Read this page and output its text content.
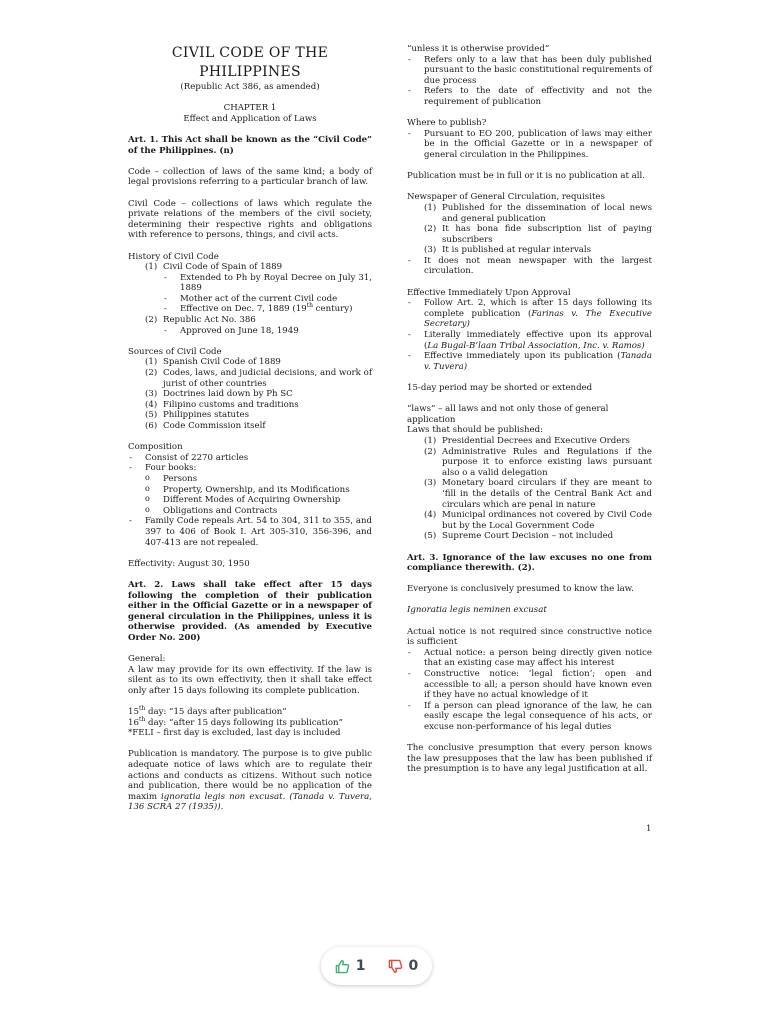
CIVIL CODE OF THE
PHILIPPINES

(Republic Act 386, as amended)

CHAPTER 1

Effect and Application of Laws

Art. 1. This Act shall be known as the “Civil Code” of the Philippines. (n)

Code – collection of laws of the same kind; a body of legal provisions referring to a particular branch of law.

Civil Code – collections of laws which regulate the private relations of the members of the civil society, determining their respective rights and obligations with reference to persons, things, and civil acts.

History of Civil Code

(1) Civil Code of Spain of 1889
- Extended to Ph by Royal Decree on July 31, 1889
- Mother act of the current Civil code
- Effective on Dec. 7, 1889 (19th century)
(2) Republic Act No. 386
- Approved on June 18, 1949

Sources of Civil Code

(1) Spanish Civil Code of 1889
(2) Codes, laws, and judicial decisions, and work of jurist of other countries
(3) Doctrines laid down by Ph SC
(4) Filipino customs and traditions
(5) Philippines statutes
(6) Code Commission itself

Composition

- Consist of 2270 articles
- Four books:
o Persons
o Property, Ownership, and its Modifications
o Different Modes of Acquiring Ownership
o Obligations and Contracts
- Family Code repeals Art. 54 to 304, 311 to 355, and 397 to 406 of Book I. Art 305-310, 356-396, and 407-413 are not repealed.

Effectivity: August 30, 1950

Art. 2. Laws shall take effect after 15 days following the completion of their publication either in the Official Gazette or in a newspaper of general circulation in the Philippines, unless it is otherwise provided. (As amended by Executive Order No. 200)

General:

A law may provide for its own effectivity. If the law is silent as to its own effectivity, then it shall take effect only after 15 days following its complete publication.

15th day: “15 days after publication”

16th day: “after 15 days following its publication”

*FELI – first day is excluded, last day is included

Publication is mandatory. The purpose is to give public adequate notice of laws which are to regulate their actions and conducts as citizens. Without such notice and publication, there would be no application of the maxim ignoratia legis non excusat. (Tanada v. Tuvera, 136 SCRA 27 (1935)).

“unless it is otherwise provided”

- Refers only to a law that has been duly published pursuant to the basic constitutional requirements of due process
- Refers to the date of effectivity and not the requirement of publication

Where to publish?

- Pursuant to EO 200, publication of laws may either be in the Official Gazette or in a newspaper of general circulation in the Philippines.

Publication must be in full or it is no publication at all.

Newspaper of General Circulation, requisites

(1) Published for the dissemination of local news and general publication
(2) It has bona fide subscription list of paying subscribers
(3) It is published at regular intervals
- It does not mean newspaper with the largest circulation.

Effective Immediately Upon Approval

- Follow Art. 2, which is after 15 days following its complete publication (Farinas v. The Executive Secretary)
- Literally immediately effective upon its approval (La Bugal-B’laan Tribal Association, Inc. v. Ramos)
- Effective immediately upon its publication (Tanada v. Tuvera)

15-day period may be shorted or extended

“laws” – all laws and not only those of general application

Laws that should be published:

(1) Presidential Decrees and Executive Orders
(2) Administrative Rules and Regulations if the purpose it to enforce existing laws pursuant also o a valid delegation
(3) Monetary board circulars if they are meant to ‘fill in the details of the Central Bank Act and circulars which are penal in nature
(4) Municipal ordinances not covered by Civil Code but by the Local Government Code
(5) Supreme Court Decision – not included

Art. 3. Ignorance of the law excuses no one from compliance therewith. (2).

Everyone is conclusively presumed to know the law.

Ignoratia legis neminen excusat

Actual notice is not required since constructive notice is sufficient

- Actual notice: a person being directly given notice that an existing case may affect his interest
- Constructive notice: ‘legal fiction’; open and accessible to all; a person should have known even if they have no actual knowledge of it
- If a person can plead ignorance of the law, he can easily escape the legal consequence of his acts, or excuse non-performance of his legal duties

The conclusive presumption that every person knows the law presupposes that the law has been published if the presumption is to have any legal justification at all.

1
1	0
